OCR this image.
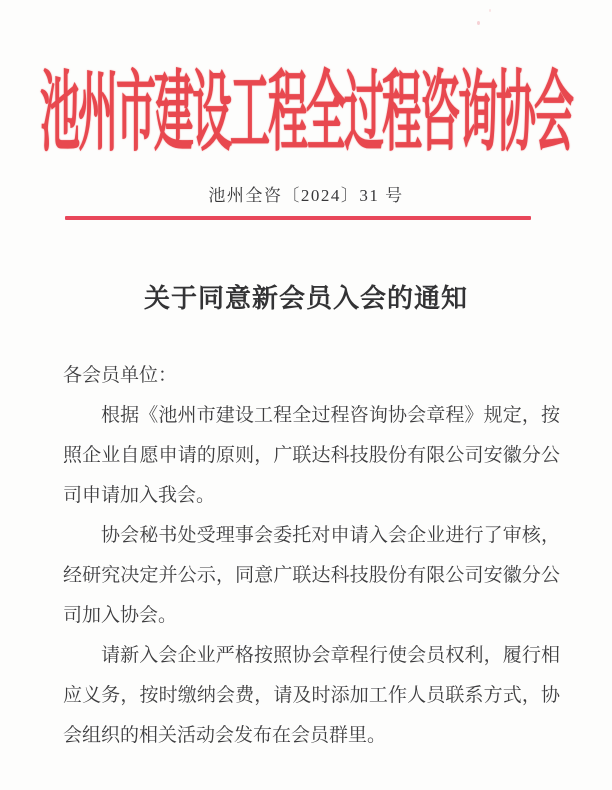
池州市建设工程全过程咨询协会
池州全咨〔2024〕31 号
关于同意新会员入会的通知

各会员单位：

根据《池州市建设工程全过程咨询协会章程》规定，按照企业自愿申请的原则，广联达科技股份有限公司安徽分公司申请加入我会。

协会秘书处受理事会委托对申请入会企业进行了审核，经研究决定并公示，同意广联达科技股份有限公司安徽分公司加入协会。

请新入会企业严格按照协会章程行使会员权利，履行相应义务，按时缴纳会费，请及时添加工作人员联系方式，协会组织的相关活动会发布在会员群里。
